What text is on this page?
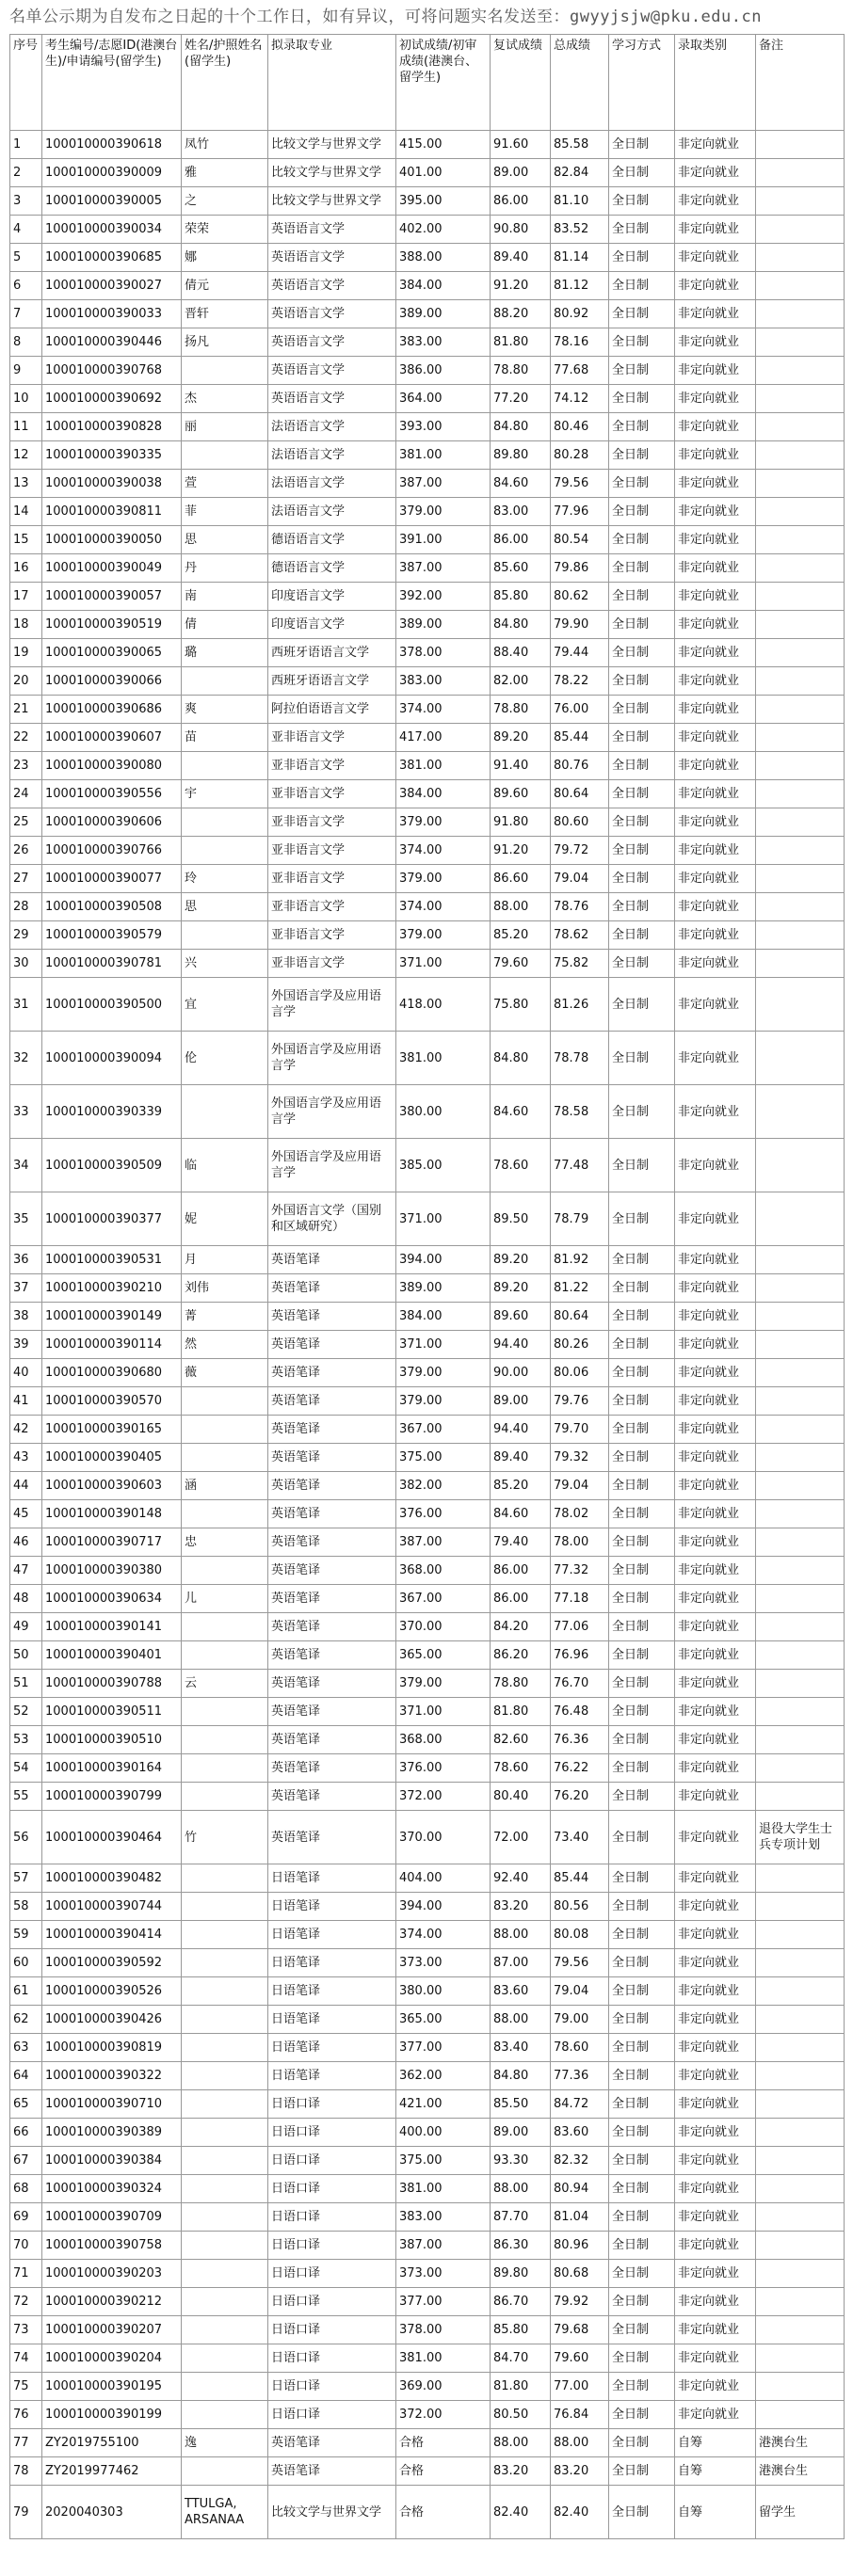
名单公示期为自发布之日起的十个工作日，如有异议，可将问题实名发送至：gwyyjsjw@pku.edu.cn
序号	考生编号/志愿ID(港澳台生)/申请编号(留学生)	姓名/护照姓名(留学生)	拟录取专业	初试成绩/初审成绩(港澳台、留学生)	复试成绩	总成绩	学习方式	录取类别	备注
1	100010000390618	凤竹	比较文学与世界文学	415.00	91.60	85.58	全日制	非定向就业	
2	100010000390009	雅	比较文学与世界文学	401.00	89.00	82.84	全日制	非定向就业	
3	100010000390005	之	比较文学与世界文学	395.00	86.00	81.10	全日制	非定向就业	
4	100010000390034	荣荣	英语语言文学	402.00	90.80	83.52	全日制	非定向就业	
5	100010000390685	娜	英语语言文学	388.00	89.40	81.14	全日制	非定向就业	
6	100010000390027	倩元	英语语言文学	384.00	91.20	81.12	全日制	非定向就业	
7	100010000390033	晋轩	英语语言文学	389.00	88.20	80.92	全日制	非定向就业	
8	100010000390446	扬凡	英语语言文学	383.00	81.80	78.16	全日制	非定向就业	
9	100010000390768		英语语言文学	386.00	78.80	77.68	全日制	非定向就业	
10	100010000390692	杰	英语语言文学	364.00	77.20	74.12	全日制	非定向就业	
11	100010000390828	丽	法语语言文学	393.00	84.80	80.46	全日制	非定向就业	
12	100010000390335		法语语言文学	381.00	89.80	80.28	全日制	非定向就业	
13	100010000390038	萱	法语语言文学	387.00	84.60	79.56	全日制	非定向就业	
14	100010000390811	菲	法语语言文学	379.00	83.00	77.96	全日制	非定向就业	
15	100010000390050	思	德语语言文学	391.00	86.00	80.54	全日制	非定向就业	
16	100010000390049	丹	德语语言文学	387.00	85.60	79.86	全日制	非定向就业	
17	100010000390057	南	印度语言文学	392.00	85.80	80.62	全日制	非定向就业	
18	100010000390519	倩	印度语言文学	389.00	84.80	79.90	全日制	非定向就业	
19	100010000390065	璐	西班牙语语言文学	378.00	88.40	79.44	全日制	非定向就业	
20	100010000390066		西班牙语语言文学	383.00	82.00	78.22	全日制	非定向就业	
21	100010000390686	爽	阿拉伯语语言文学	374.00	78.80	76.00	全日制	非定向就业	
22	100010000390607	苗	亚非语言文学	417.00	89.20	85.44	全日制	非定向就业	
23	100010000390080		亚非语言文学	381.00	91.40	80.76	全日制	非定向就业	
24	100010000390556	宇	亚非语言文学	384.00	89.60	80.64	全日制	非定向就业	
25	100010000390606		亚非语言文学	379.00	91.80	80.60	全日制	非定向就业	
26	100010000390766		亚非语言文学	374.00	91.20	79.72	全日制	非定向就业	
27	100010000390077	玲	亚非语言文学	379.00	86.60	79.04	全日制	非定向就业	
28	100010000390508	思	亚非语言文学	374.00	88.00	78.76	全日制	非定向就业	
29	100010000390579		亚非语言文学	379.00	85.20	78.62	全日制	非定向就业	
30	100010000390781	兴	亚非语言文学	371.00	79.60	75.82	全日制	非定向就业	
31	100010000390500	宜	外国语言学及应用语言学	418.00	75.80	81.26	全日制	非定向就业	
32	100010000390094	伦	外国语言学及应用语言学	381.00	84.80	78.78	全日制	非定向就业	
33	100010000390339		外国语言学及应用语言学	380.00	84.60	78.58	全日制	非定向就业	
34	100010000390509	临	外国语言学及应用语言学	385.00	78.60	77.48	全日制	非定向就业	
35	100010000390377	妮	外国语言文学（国别和区域研究）	371.00	89.50	78.79	全日制	非定向就业	
36	100010000390531	月	英语笔译	394.00	89.20	81.92	全日制	非定向就业	
37	100010000390210	刘伟	英语笔译	389.00	89.20	81.22	全日制	非定向就业	
38	100010000390149	菁	英语笔译	384.00	89.60	80.64	全日制	非定向就业	
39	100010000390114	然	英语笔译	371.00	94.40	80.26	全日制	非定向就业	
40	100010000390680	薇	英语笔译	379.00	90.00	80.06	全日制	非定向就业	
41	100010000390570		英语笔译	379.00	89.00	79.76	全日制	非定向就业	
42	100010000390165		英语笔译	367.00	94.40	79.70	全日制	非定向就业	
43	100010000390405		英语笔译	375.00	89.40	79.32	全日制	非定向就业	
44	100010000390603	涵	英语笔译	382.00	85.20	79.04	全日制	非定向就业	
45	100010000390148		英语笔译	376.00	84.60	78.02	全日制	非定向就业	
46	100010000390717	忠	英语笔译	387.00	79.40	78.00	全日制	非定向就业	
47	100010000390380		英语笔译	368.00	86.00	77.32	全日制	非定向就业	
48	100010000390634	儿	英语笔译	367.00	86.00	77.18	全日制	非定向就业	
49	100010000390141		英语笔译	370.00	84.20	77.06	全日制	非定向就业	
50	100010000390401		英语笔译	365.00	86.20	76.96	全日制	非定向就业	
51	100010000390788	云	英语笔译	379.00	78.80	76.70	全日制	非定向就业	
52	100010000390511		英语笔译	371.00	81.80	76.48	全日制	非定向就业	
53	100010000390510		英语笔译	368.00	82.60	76.36	全日制	非定向就业	
54	100010000390164		英语笔译	376.00	78.60	76.22	全日制	非定向就业	
55	100010000390799		英语笔译	372.00	80.40	76.20	全日制	非定向就业	
56	100010000390464	竹	英语笔译	370.00	72.00	73.40	全日制	非定向就业	退役大学生士兵专项计划
57	100010000390482		日语笔译	404.00	92.40	85.44	全日制	非定向就业	
58	100010000390744		日语笔译	394.00	83.20	80.56	全日制	非定向就业	
59	100010000390414		日语笔译	374.00	88.00	80.08	全日制	非定向就业	
60	100010000390592		日语笔译	373.00	87.00	79.56	全日制	非定向就业	
61	100010000390526		日语笔译	380.00	83.60	79.04	全日制	非定向就业	
62	100010000390426		日语笔译	365.00	88.00	79.00	全日制	非定向就业	
63	100010000390819		日语笔译	377.00	83.40	78.60	全日制	非定向就业	
64	100010000390322		日语笔译	362.00	84.80	77.36	全日制	非定向就业	
65	100010000390710		日语口译	421.00	85.50	84.72	全日制	非定向就业	
66	100010000390389		日语口译	400.00	89.00	83.60	全日制	非定向就业	
67	100010000390384		日语口译	375.00	93.30	82.32	全日制	非定向就业	
68	100010000390324		日语口译	381.00	88.00	80.94	全日制	非定向就业	
69	100010000390709		日语口译	383.00	87.70	81.04	全日制	非定向就业	
70	100010000390758		日语口译	387.00	86.30	80.96	全日制	非定向就业	
71	100010000390203		日语口译	373.00	89.80	80.68	全日制	非定向就业	
72	100010000390212		日语口译	377.00	86.70	79.92	全日制	非定向就业	
73	100010000390207		日语口译	378.00	85.80	79.68	全日制	非定向就业	
74	100010000390204		日语口译	381.00	84.70	79.60	全日制	非定向就业	
75	100010000390195		日语口译	369.00	81.80	77.00	全日制	非定向就业	
76	100010000390199		日语口译	372.00	80.50	76.84	全日制	非定向就业	
77	ZY2019755100	逸	英语笔译	合格	88.00	88.00	全日制	自筹	港澳台生
78	ZY2019977462		英语笔译	合格	83.20	83.20	全日制	自筹	港澳台生
79	2020040303	TTULGA, ARSANAA	比较文学与世界文学	合格	82.40	82.40	全日制	自筹	留学生
